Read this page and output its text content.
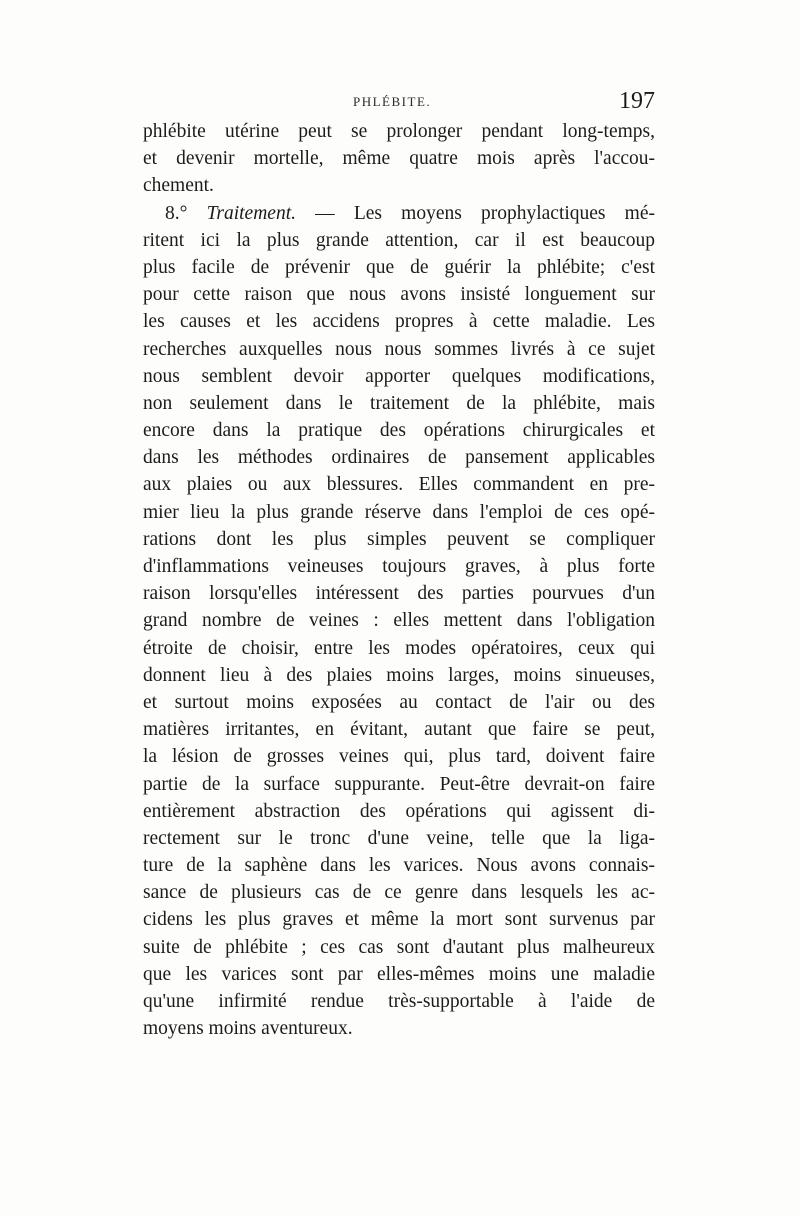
PHLÉBITE.	197
phlébite utérine peut se prolonger pendant long-temps,
et devenir mortelle, même quatre mois après l'accou-
chement.
8.° Traitement. — Les moyens prophylactiques mé-
ritent ici la plus grande attention, car il est beaucoup
plus facile de prévenir que de guérir la phlébite; c'est
pour cette raison que nous avons insisté longuement sur
les causes et les accidens propres à cette maladie. Les
recherches auxquelles nous nous sommes livrés à ce sujet
nous semblent devoir apporter quelques modifications,
non seulement dans le traitement de la phlébite, mais
encore dans la pratique des opérations chirurgicales et
dans les méthodes ordinaires de pansement applicables
aux plaies ou aux blessures. Elles commandent en pre-
mier lieu la plus grande réserve dans l'emploi de ces opé-
rations dont les plus simples peuvent se compliquer
d'inflammations veineuses toujours graves, à plus forte
raison lorsqu'elles intéressent des parties pourvues d'un
grand nombre de veines : elles mettent dans l'obligation
étroite de choisir, entre les modes opératoires, ceux qui
donnent lieu à des plaies moins larges, moins sinueuses,
et surtout moins exposées au contact de l'air ou des
matières irritantes, en évitant, autant que faire se peut,
la lésion de grosses veines qui, plus tard, doivent faire
partie de la surface suppurante. Peut-être devrait-on faire
entièrement abstraction des opérations qui agissent di-
rectement sur le tronc d'une veine, telle que la liga-
ture de la saphène dans les varices. Nous avons connais-
sance de plusieurs cas de ce genre dans lesquels les ac-
cidens les plus graves et même la mort sont survenus par
suite de phlébite ; ces cas sont d'autant plus malheureux
que les varices sont par elles-mêmes moins une maladie
qu'une infirmité rendue très-supportable à l'aide de
moyens moins aventureux.
